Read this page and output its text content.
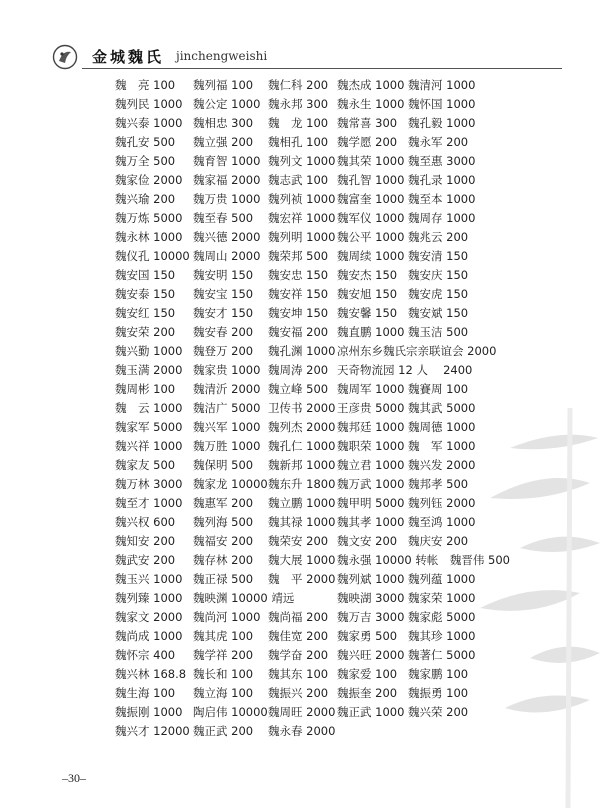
金城魏氏 jinchengweishi
魏　亮 100 魏列福 100 魏仁科 200 魏杰成 1000 魏清河 1000
魏列民 1000 魏公定 1000 魏永邦 300 魏永生 1000 魏怀国 1000
魏兴泰 1000 魏相忠 300 魏　龙 100 魏常喜 300 魏孔毅 1000
魏孔安 500 魏立强 200 魏相孔 100 魏学愿 200 魏永军 200
魏万全 500 魏育智 1000 魏列文 1000 魏其荣 1000 魏至惠 3000
魏家俭 2000 魏家福 2000 魏志武 100 魏孔智 1000 魏孔录 1000
魏兴瑜 200 魏万贵 1000 魏列祯 1000 魏富奎 1000 魏至本 1000
魏万炼 5000 魏至春 500 魏宏祥 1000 魏军仪 1000 魏周存 1000
魏永林 1000 魏兴德 2000 魏列明 1000 魏公平 1000 魏兆云 200
魏仪孔 10000 魏周山 2000 魏荣邦 500 魏周续 1000 魏安清 150
魏安国 150 魏安明 150 魏安忠 150 魏安杰 150 魏安庆 150
魏安泰 150 魏安宝 150 魏安祥 150 魏安旭 150 魏安虎 150
魏安红 150 魏安才 150 魏安坤 150 魏安馨 150 魏安斌 150
魏安荣 200 魏安春 200 魏安福 200 魏直鹏 1000 魏玉洁 500
魏兴勤 1000 魏登万 200 魏孔渊 1000 凉州东乡魏氏宗亲联谊会 2000
魏玉满 2000 魏家贵 1000 魏周涛 200 天奇物流园 12 人　 2400
魏周彬 100 魏清沂 2000 魏立峰 500 魏周军 1000 魏賽周 100
魏　云 1000 魏洁广 5000 卫传书 2000 王彦贵 5000 魏其武 5000
魏家军 5000 魏兴军 1000 魏列杰 2000 魏邦廷 1000 魏周德 1000
魏兴祥 1000 魏万胜 1000 魏孔仁 1000 魏职荣 1000 魏　军 1000
魏家友 500 魏保明 500 魏新邦 1000 魏立君 1000 魏兴发 2000
魏万林 3000 魏家龙 10000 魏东升 1800 魏万武 1000 魏邦孝 500
魏至才 1000 魏惠军 200 魏立鹏 1000 魏甲明 5000 魏列钰 2000
魏兴权 600 魏列海 500 魏其禄 1000 魏其孝 1000 魏至鸿 1000
魏知安 200 魏福安 200 魏荣安 200 魏文安 200 魏庆安 200
魏武安 200 魏存林 200 魏大展 1000 魏永强 10000 转帐　魏晋伟 500
魏玉兴 1000 魏正禄 500 魏　平 2000 魏列斌 1000 魏列蕴 1000
魏列臻 1000 魏映渊 10000 靖远	魏映湖 3000 魏家荣 1000
魏家文 2000 魏尚河 1000 魏尚福 200 魏万吉 3000 魏家彪 5000
魏尚成 1000 魏其虎 100 魏佳宽 200 魏家勇 500 魏其珍 1000
魏怀宗 400 魏学祥 200 魏学奋 200 魏兴旺 2000 魏著仁 5000
魏兴林 168.8 魏长和 100 魏其东 100 魏家爱 100 魏家鹏 100
魏生海 100 魏立海 100 魏振兴 200 魏振奎 200 魏振勇 100
魏振刚 1000 陶启伟 10000 魏周旺 2000 魏正武 1000 魏兴荣 200
魏兴才 12000 魏正武 200 魏永春 2000
–30–
